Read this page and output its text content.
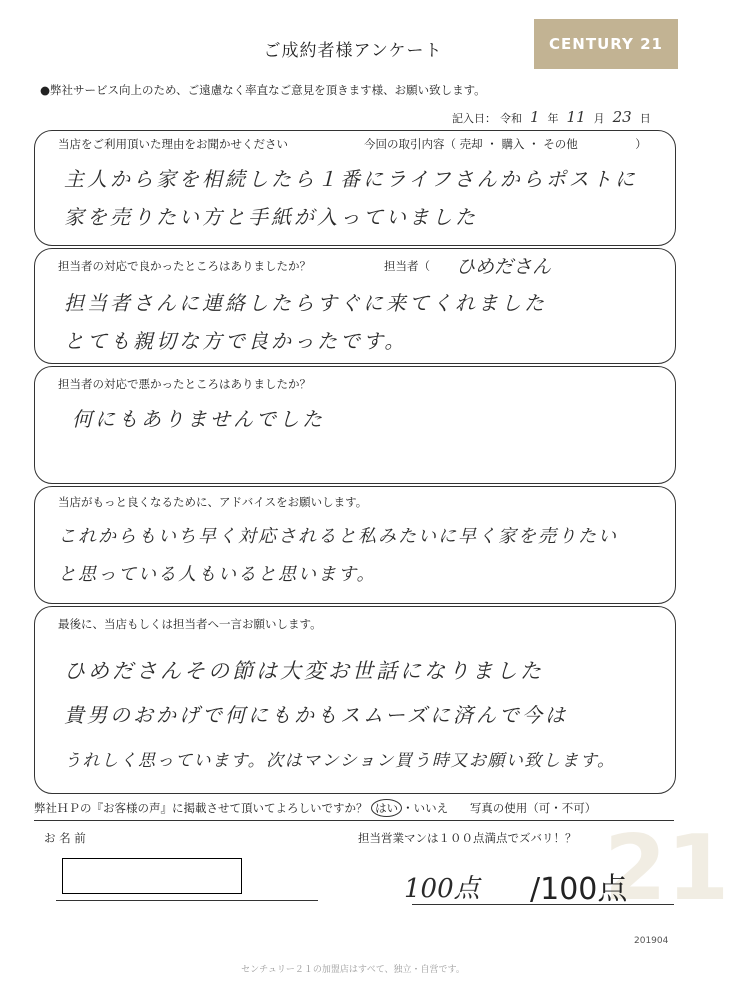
21
ご成約者様アンケート	CENTURY 21
●弊社サービス向上のため、ご遠慮なく率直なご意見を頂きます様、お願い致します。
記入日： 令和 1 年 11 月 23 日
当店をご利用頂いた理由をお聞かせください	今回の取引内容（ 売却 ・ 購入 ・ その他　　　　　）
主人から家を相続したら１番にライフさんからポストに
家を売りたい方と手紙が入っていました
担当者の対応で良かったところはありましたか？	担当者（ ひめださん
担当者さんに連絡したらすぐに来てくれました
とても親切な方で良かったです。
担当者の対応で悪かったところはありましたか？
何にもありませんでした
当店がもっと良くなるために、アドバイスをお願いします。
これからもいち早く対応されると私みたいに早く家を売りたい
と思っている人もいると思います。
最後に、当店もしくは担当者へ一言お願いします。
ひめださんその節は大変お世話になりました
貴男のおかげで何にもかもスムーズに済んで今は
うれしく思っています。次はマンション買う時又お願い致します。
弊社ＨＰの『お客様の声』に掲載させて頂いてよろしいですか？ はい ・いいえ 写真の使用（可・不可）
お 名 前	担当営業マンは１００点満点でズバリ！？
100点 /100点
201904
センチュリー２１の加盟店はすべて、独立・自営です。
